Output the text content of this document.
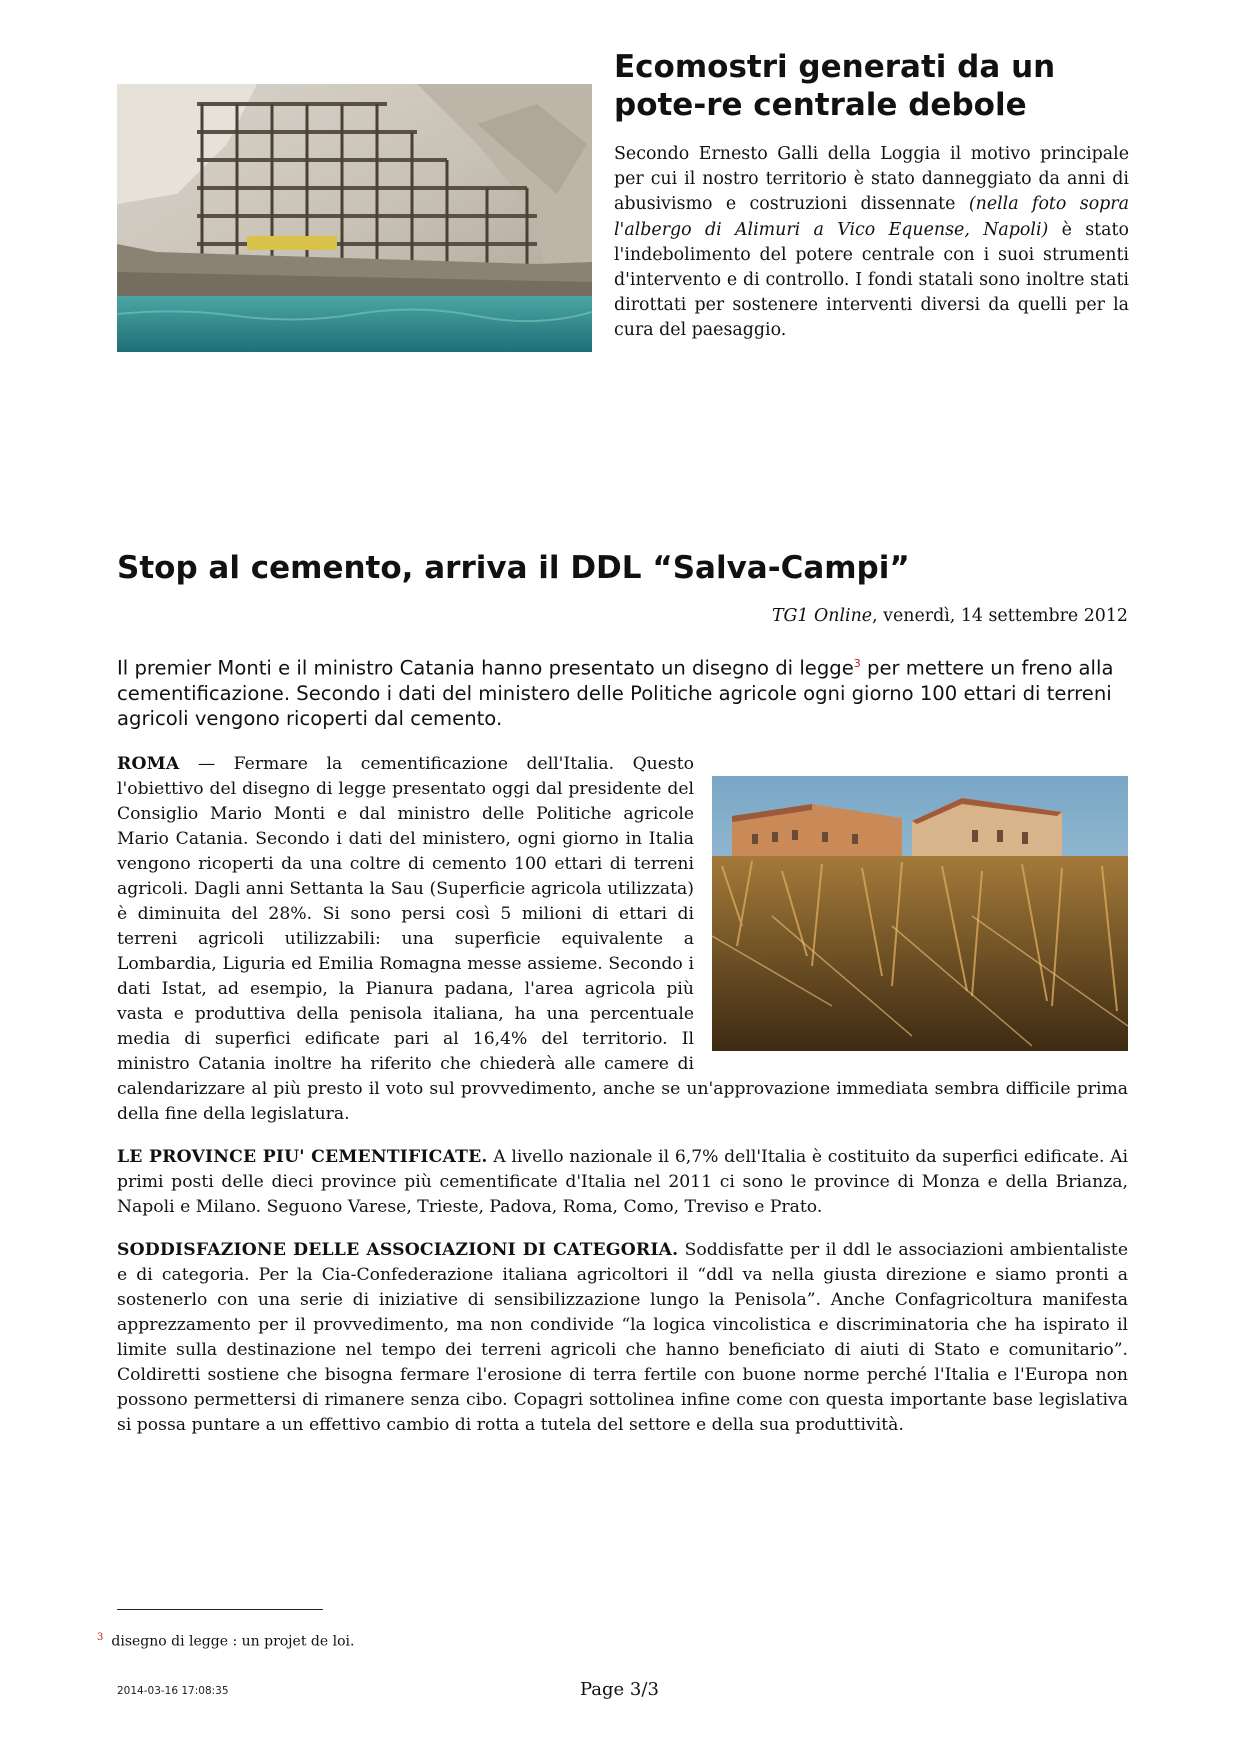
Ecomostri generati da un pote-re centrale debole

Secondo Ernesto Galli della Loggia il motivo principale per cui il nostro territorio è stato danneggiato da anni di abusivismo e costruzioni dissennate (nella foto sopra l'albergo di Alimuri a Vico Equense, Napoli) è stato l'indebolimento del potere centrale con i suoi strumenti d'intervento e di controllo. I fondi statali sono inoltre stati dirottati per sostenere interventi diversi da quelli per la cura del paesaggio.

Stop al cemento, arriva il DDL “Salva-Campi”
TG1 Online, venerdì, 14 settembre 2012

Il premier Monti e il ministro Catania hanno presentato un disegno di legge$^3$ per mettere un freno alla cementificazione. Secondo i dati del ministero delle Politiche agricole ogni giorno 100 ettari di terreni agricoli vengono ricoperti dal cemento.

ROMA — Fermare la cementificazione dell'Italia. Questo l'obiettivo del disegno di legge presentato oggi dal presidente del Consiglio Mario Monti e dal ministro delle Politiche agricole Mario Catania. Secondo i dati del ministero, ogni giorno in Italia vengono ricoperti da una coltre di cemento 100 ettari di terreni agricoli. Dagli anni Settanta la Sau (Superficie agricola utilizzata) è diminuita del 28%. Si sono persi così 5 milioni di ettari di terreni agricoli utilizzabili: una superficie equivalente a Lombardia, Liguria ed Emilia Romagna messe assieme. Secondo i dati Istat, ad esempio, la Pianura padana, l'area agricola più vasta e produttiva della penisola italiana, ha una percentuale media di superfici edificate pari al 16,4% del territorio. Il ministro Catania inoltre ha riferito che chiederà alle camere di calendarizzare al più presto il voto sul provvedimento, anche se un'approvazione immediata sembra difficile prima della fine della legislatura.

LE PROVINCE PIU' CEMENTIFICATE. A livello nazionale il 6,7% dell'Italia è costituito da superfici edificate. Ai primi posti delle dieci province più cementificate d'Italia nel 2011 ci sono le province di Monza e della Brianza, Napoli e Milano. Seguono Varese, Trieste, Padova, Roma, Como, Treviso e Prato.

SODDISFAZIONE DELLE ASSOCIAZIONI DI CATEGORIA. Soddisfatte per il ddl le associazioni ambientaliste e di categoria. Per la Cia-Confederazione italiana agricoltori il “ddl va nella giusta direzione e siamo pronti a sostenerlo con una serie di iniziative di sensibilizzazione lungo la Penisola”. Anche Confagricoltura manifesta apprezzamento per il provvedimento, ma non condivide “la logica vincolistica e discriminatoria che ha ispirato il limite sulla destinazione nel tempo dei terreni agricoli che hanno beneficiato di aiuti di Stato e comunitario”. Coldiretti sostiene che bisogna fermare l'erosione di terra fertile con buone norme perché l'Italia e l'Europa non possono permettersi di rimanere senza cibo. Copagri sottolinea infine come con questa importante base legislativa si possa puntare a un effettivo cambio di rotta a tutela del settore e della sua produttività.

$^3$ disegno di legge : un projet de loi.
2014-03-16 17:08:35	Page 3/3
